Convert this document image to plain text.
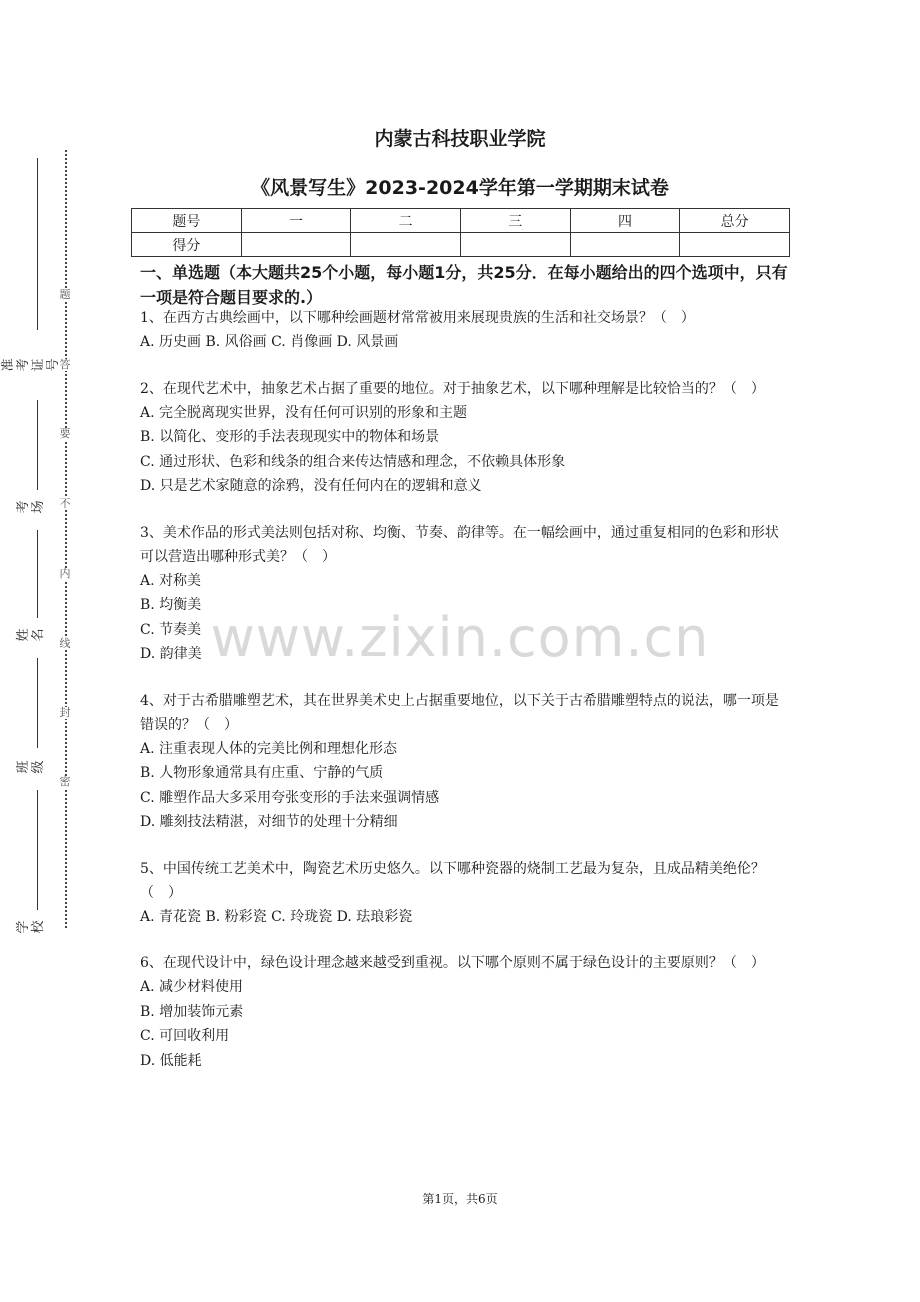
题
答
要
不
内
线
封
密
准考证号
考场
姓名
班级
学校
内蒙古科技职业学院
《风景写生》2023-2024学年第一学期期末试卷
题号	一	二	三	四	总分
得分					
一、单选题（本大题共25个小题，每小题1分，共25分．在每小题给出的四个选项中，只有一项是符合题目要求的.）
1、在西方古典绘画中，以下哪种绘画题材常常被用来展现贵族的生活和社交场景？（　）
A. 历史画 B. 风俗画 C. 肖像画 D. 风景画
2、在现代艺术中，抽象艺术占据了重要的地位。对于抽象艺术，以下哪种理解是比较恰当的？（　）
A. 完全脱离现实世界，没有任何可识别的形象和主题
B. 以简化、变形的手法表现现实中的物体和场景
C. 通过形状、色彩和线条的组合来传达情感和理念，不依赖具体形象
D. 只是艺术家随意的涂鸦，没有任何内在的逻辑和意义
3、美术作品的形式美法则包括对称、均衡、节奏、韵律等。在一幅绘画中，通过重复相同的色彩和形状可以营造出哪种形式美？（　）
A. 对称美
B. 均衡美
C. 节奏美
D. 韵律美
4、对于古希腊雕塑艺术，其在世界美术史上占据重要地位，以下关于古希腊雕塑特点的说法，哪一项是错误的？（　）
A. 注重表现人体的完美比例和理想化形态
B. 人物形象通常具有庄重、宁静的气质
C. 雕塑作品大多采用夸张变形的手法来强调情感
D. 雕刻技法精湛，对细节的处理十分精细
5、中国传统工艺美术中，陶瓷艺术历史悠久。以下哪种瓷器的烧制工艺最为复杂，且成品精美绝伦？（　）
A. 青花瓷 B. 粉彩瓷 C. 玲珑瓷 D. 珐琅彩瓷
6、在现代设计中，绿色设计理念越来越受到重视。以下哪个原则不属于绿色设计的主要原则？（　）
A. 减少材料使用
B. 增加装饰元素
C. 可回收利用
D. 低能耗
www.zixin.com.cn
第1页，共6页
